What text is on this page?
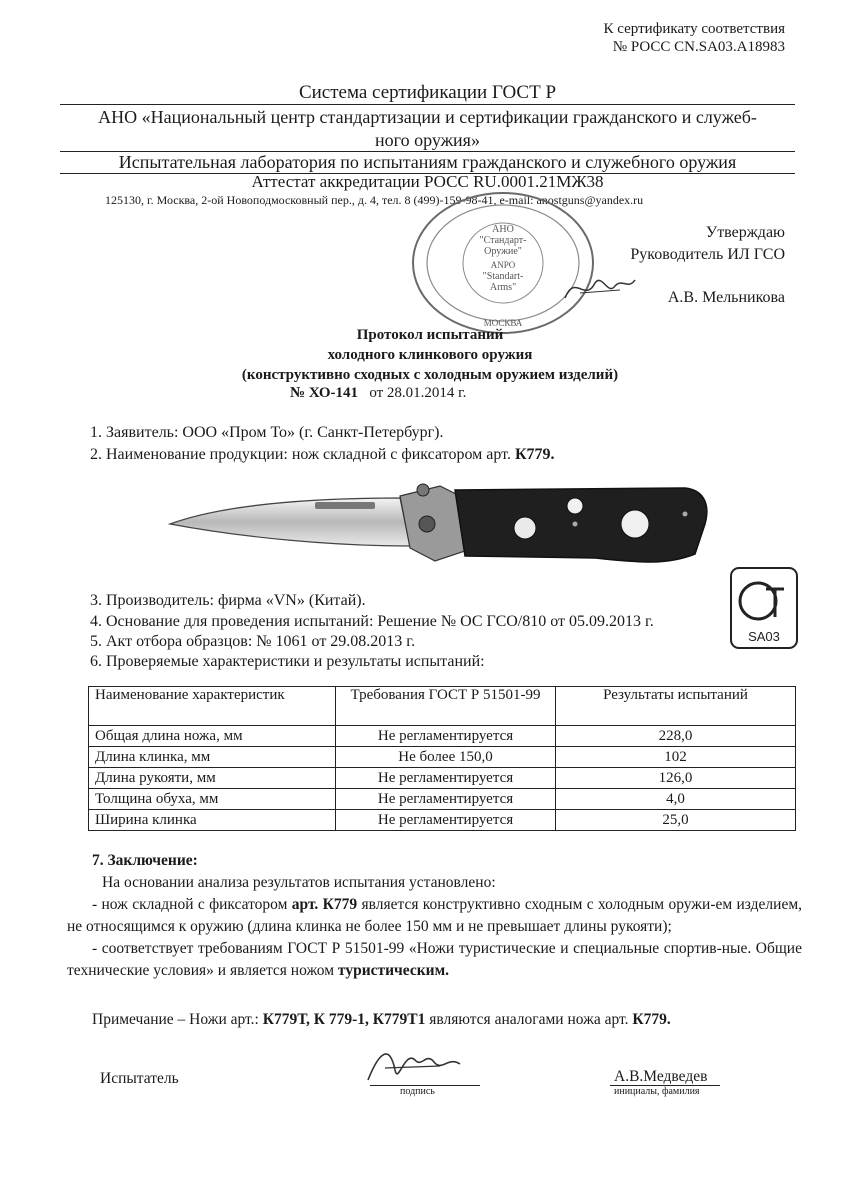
К сертификату соответствия
№ РОСС CN.SA03.A18983
Система сертификации ГОСТ Р
АНО «Национальный центр стандартизации и сертификации гражданского и служеб-
ного оружия»
Испытательная лаборатория по испытаниям гражданского и служебного оружия
Аттестат аккредитации РОСС RU.0001.21МЖ38
125130, г. Москва, 2-ой Новоподмосковный пер., д. 4, тел. 8 (499)-159-98-41, e-mail: anostguns@yandex.ru
АНО
"Стандарт-
Оружие"
ANPO
"Standart-
Arms"
МОСКВА
Утверждаю
Руководитель ИЛ ГСО
А.В. Мельникова
Протокол испытаний
холодного клинкового оружия
(конструктивно сходных с холодным оружием изделий)
№ ХО-141 от 28.01.2014 г.
1. Заявитель: ООО «Пром То» (г. Санкт-Петербург).
2. Наименование продукции: нож складной с фиксатором арт. К779.
SA03
3. Производитель: фирма «VN» (Китай).
4. Основание для проведения испытаний: Решение № ОС ГСО/810 от 05.09.2013 г.
5. Акт отбора образцов: № 1061 от 29.08.2013 г.
6. Проверяемые характеристики и результаты испытаний:
Наименование характеристик	Требования ГОСТ Р 51501-99	Результаты испытаний
Общая длина ножа, мм	Не регламентируется	228,0
Длина клинка, мм	Не более 150,0	102
Длина рукояти, мм	Не регламентируется	126,0
Толщина обуха, мм	Не регламентируется	4,0
Ширина клинка	Не регламентируется	25,0
7. Заключение:
На основании анализа результатов испытания установлено:
- нож складной с фиксатором арт. К779 является конструктивно сходным с холодным оружи-ем изделием, не относящимся к оружию (длина клинка не более 150 мм и не превышает длины рукояти);
- соответствует требованиям ГОСТ Р 51501-99 «Ножи туристические и специальные спортив-ные. Общие технические условия» и является ножом туристическим.
Примечание – Ножи арт.: К779Т, К 779-1, К779Т1 являются аналогами ножа арт. К779.
Испытатель
подпись
А.В.Медведев
инициалы, фамилия
